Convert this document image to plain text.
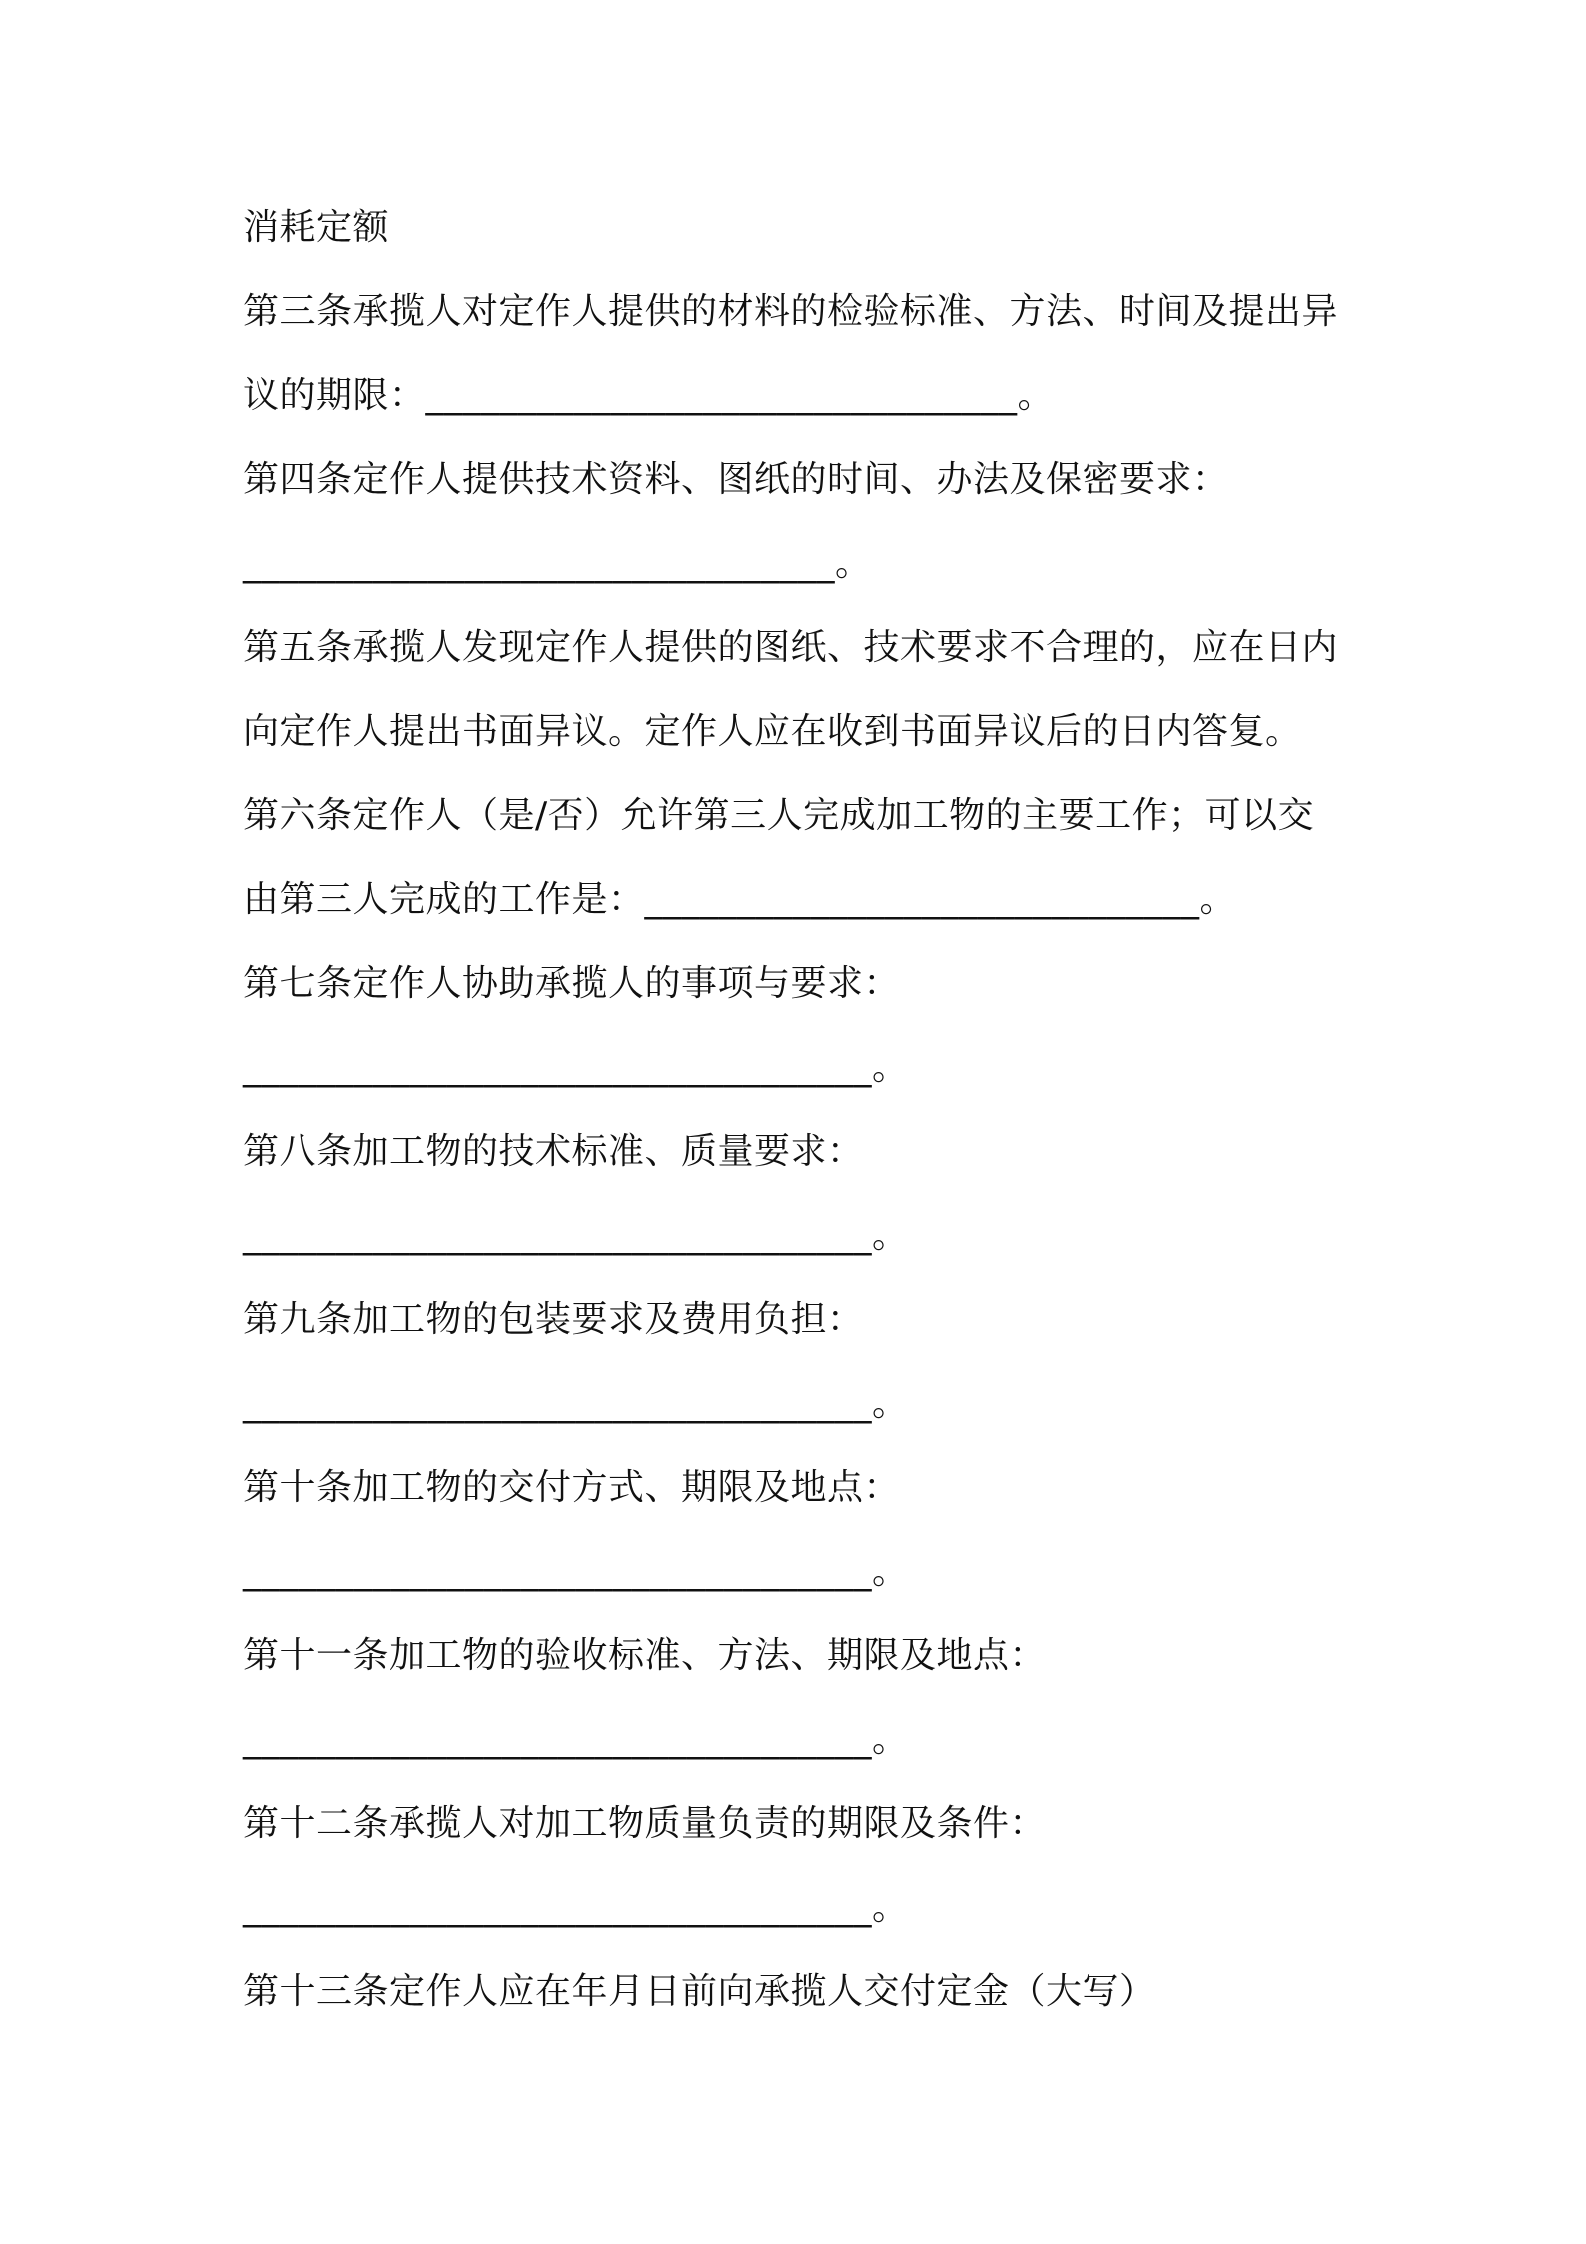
消耗定额

第三条承揽人对定作人提供的材料的检验标准、方法、时间及提出异

议的期限：________________________________。

第四条定作人提供技术资料、图纸的时间、办法及保密要求：

________________________________。

第五条承揽人发现定作人提供的图纸、技术要求不合理的，应在日内

向定作人提出书面异议。定作人应在收到书面异议后的日内答复。

第六条定作人（是/否）允许第三人完成加工物的主要工作；可以交

由第三人完成的工作是：______________________________。

第七条定作人协助承揽人的事项与要求：

__________________________________。

第八条加工物的技术标准、质量要求：

__________________________________。

第九条加工物的包装要求及费用负担：

__________________________________。

第十条加工物的交付方式、期限及地点：

__________________________________。

第十一条加工物的验收标准、方法、期限及地点：

__________________________________。

第十二条承揽人对加工物质量负责的期限及条件：

__________________________________。

第十三条定作人应在年月日前向承揽人交付定金（大写）
